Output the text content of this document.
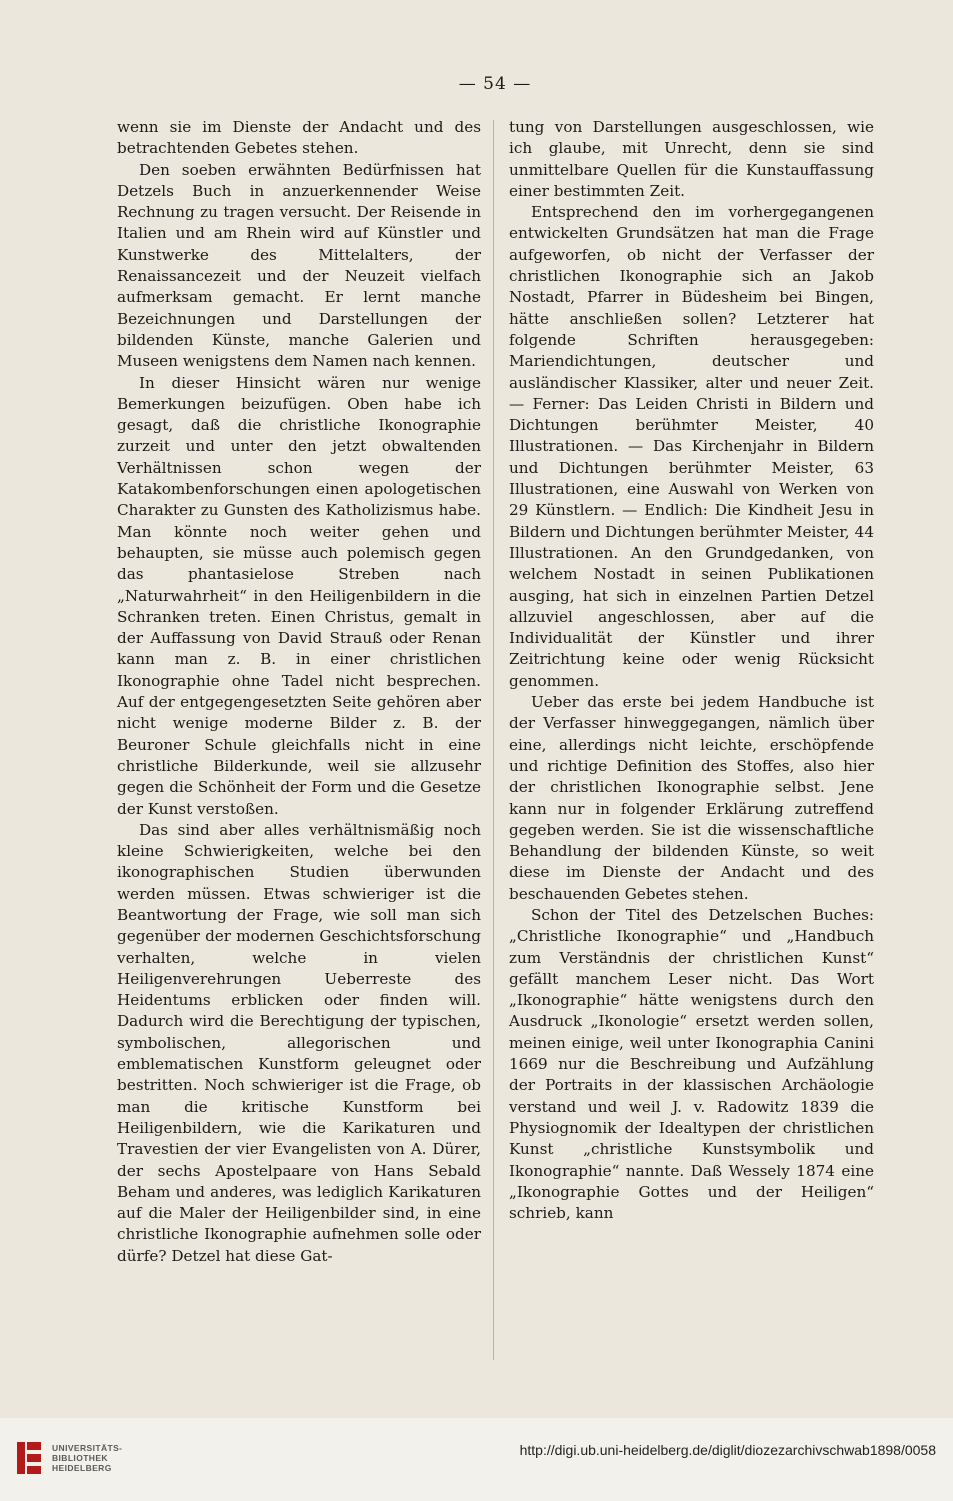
— 54 —

wenn sie im Dienste der Andacht und des betrachtenden Gebetes stehen.

Den soeben erwähnten Bedürfnissen hat Detzels Buch in anzuerkennender Weise Rechnung zu tragen versucht. Der Reisende in Italien und am Rhein wird auf Künstler und Kunstwerke des Mittelalters, der Renaissancezeit und der Neuzeit vielfach aufmerksam gemacht. Er lernt manche Bezeichnungen und Darstellungen der bildenden Künste, manche Galerien und Museen wenigstens dem Namen nach kennen.

In dieser Hinsicht wären nur wenige Bemerkungen beizufügen. Oben habe ich gesagt, daß die christliche Ikonographie zurzeit und unter den jetzt obwaltenden Verhältnissen schon wegen der Katakombenforschungen einen apologetischen Charakter zu Gunsten des Katholizismus habe. Man könnte noch weiter gehen und behaupten, sie müsse auch polemisch gegen das phantasielose Streben nach „Naturwahrheit“ in den Heiligenbildern in die Schranken treten. Einen Christus, gemalt in der Auffassung von David Strauß oder Renan kann man z. B. in einer christlichen Ikonographie ohne Tadel nicht besprechen. Auf der entgegengesetzten Seite gehören aber nicht wenige moderne Bilder z. B. der Beuroner Schule gleichfalls nicht in eine christliche Bilderkunde, weil sie allzusehr gegen die Schönheit der Form und die Gesetze der Kunst verstoßen.

Das sind aber alles verhältnismäßig noch kleine Schwierigkeiten, welche bei den ikonographischen Studien überwunden werden müssen. Etwas schwieriger ist die Beantwortung der Frage, wie soll man sich gegenüber der modernen Geschichtsforschung verhalten, welche in vielen Heiligenverehrungen Ueberreste des Heidentums erblicken oder finden will. Dadurch wird die Berechtigung der typischen, symbolischen, allegorischen und emblematischen Kunstform geleugnet oder bestritten. Noch schwieriger ist die Frage, ob man die kritische Kunstform bei Heiligenbildern, wie die Karikaturen und Travestien der vier Evangelisten von A. Dürer, der sechs Apostelpaare von Hans Sebald Beham und anderes, was lediglich Karikaturen auf die Maler der Heiligenbilder sind, in eine christliche Ikonographie aufnehmen solle oder dürfe? Detzel hat diese Gat-

tung von Darstellungen ausgeschlossen, wie ich glaube, mit Unrecht, denn sie sind unmittelbare Quellen für die Kunstauffassung einer bestimmten Zeit.

Entsprechend den im vorhergegangenen entwickelten Grundsätzen hat man die Frage aufgeworfen, ob nicht der Verfasser der christlichen Ikonographie sich an Jakob Nostadt, Pfarrer in Büdesheim bei Bingen, hätte anschließen sollen? Letzterer hat folgende Schriften herausgegeben: Mariendichtungen, deutscher und ausländischer Klassiker, alter und neuer Zeit. — Ferner: Das Leiden Christi in Bildern und Dichtungen berühmter Meister, 40 Illustrationen. — Das Kirchenjahr in Bildern und Dichtungen berühmter Meister, 63 Illustrationen, eine Auswahl von Werken von 29 Künstlern. — Endlich: Die Kindheit Jesu in Bildern und Dichtungen berühmter Meister, 44 Illustrationen. An den Grundgedanken, von welchem Nostadt in seinen Publikationen ausging, hat sich in einzelnen Partien Detzel allzuviel angeschlossen, aber auf die Individualität der Künstler und ihrer Zeitrichtung keine oder wenig Rücksicht genommen.

Ueber das erste bei jedem Handbuche ist der Verfasser hinweggegangen, nämlich über eine, allerdings nicht leichte, erschöpfende und richtige Definition des Stoffes, also hier der christlichen Ikonographie selbst. Jene kann nur in folgender Erklärung zutreffend gegeben werden. Sie ist die wissenschaftliche Behandlung der bildenden Künste, so weit diese im Dienste der Andacht und des beschauenden Gebetes stehen.

Schon der Titel des Detzelschen Buches: „Christliche Ikonographie“ und „Handbuch zum Verständnis der christlichen Kunst“ gefällt manchem Leser nicht. Das Wort „Ikonographie“ hätte wenigstens durch den Ausdruck „Ikonologie“ ersetzt werden sollen, meinen einige, weil unter Ikonographia Canini 1669 nur die Beschreibung und Aufzählung der Portraits in der klassischen Archäologie verstand und weil J. v. Radowitz 1839 die Physiognomik der Idealtypen der christlichen Kunst „christliche Kunstsymbolik und Ikonographie“ nannte. Daß Wessely 1874 eine „Ikonographie Gottes und der Heiligen“ schrieb, kann

UNIVERSITÄTS-
BIBLIOTHEK
HEIDELBERG
http://digi.ub.uni-heidelberg.de/diglit/diozezarchivschwab1898/0058
